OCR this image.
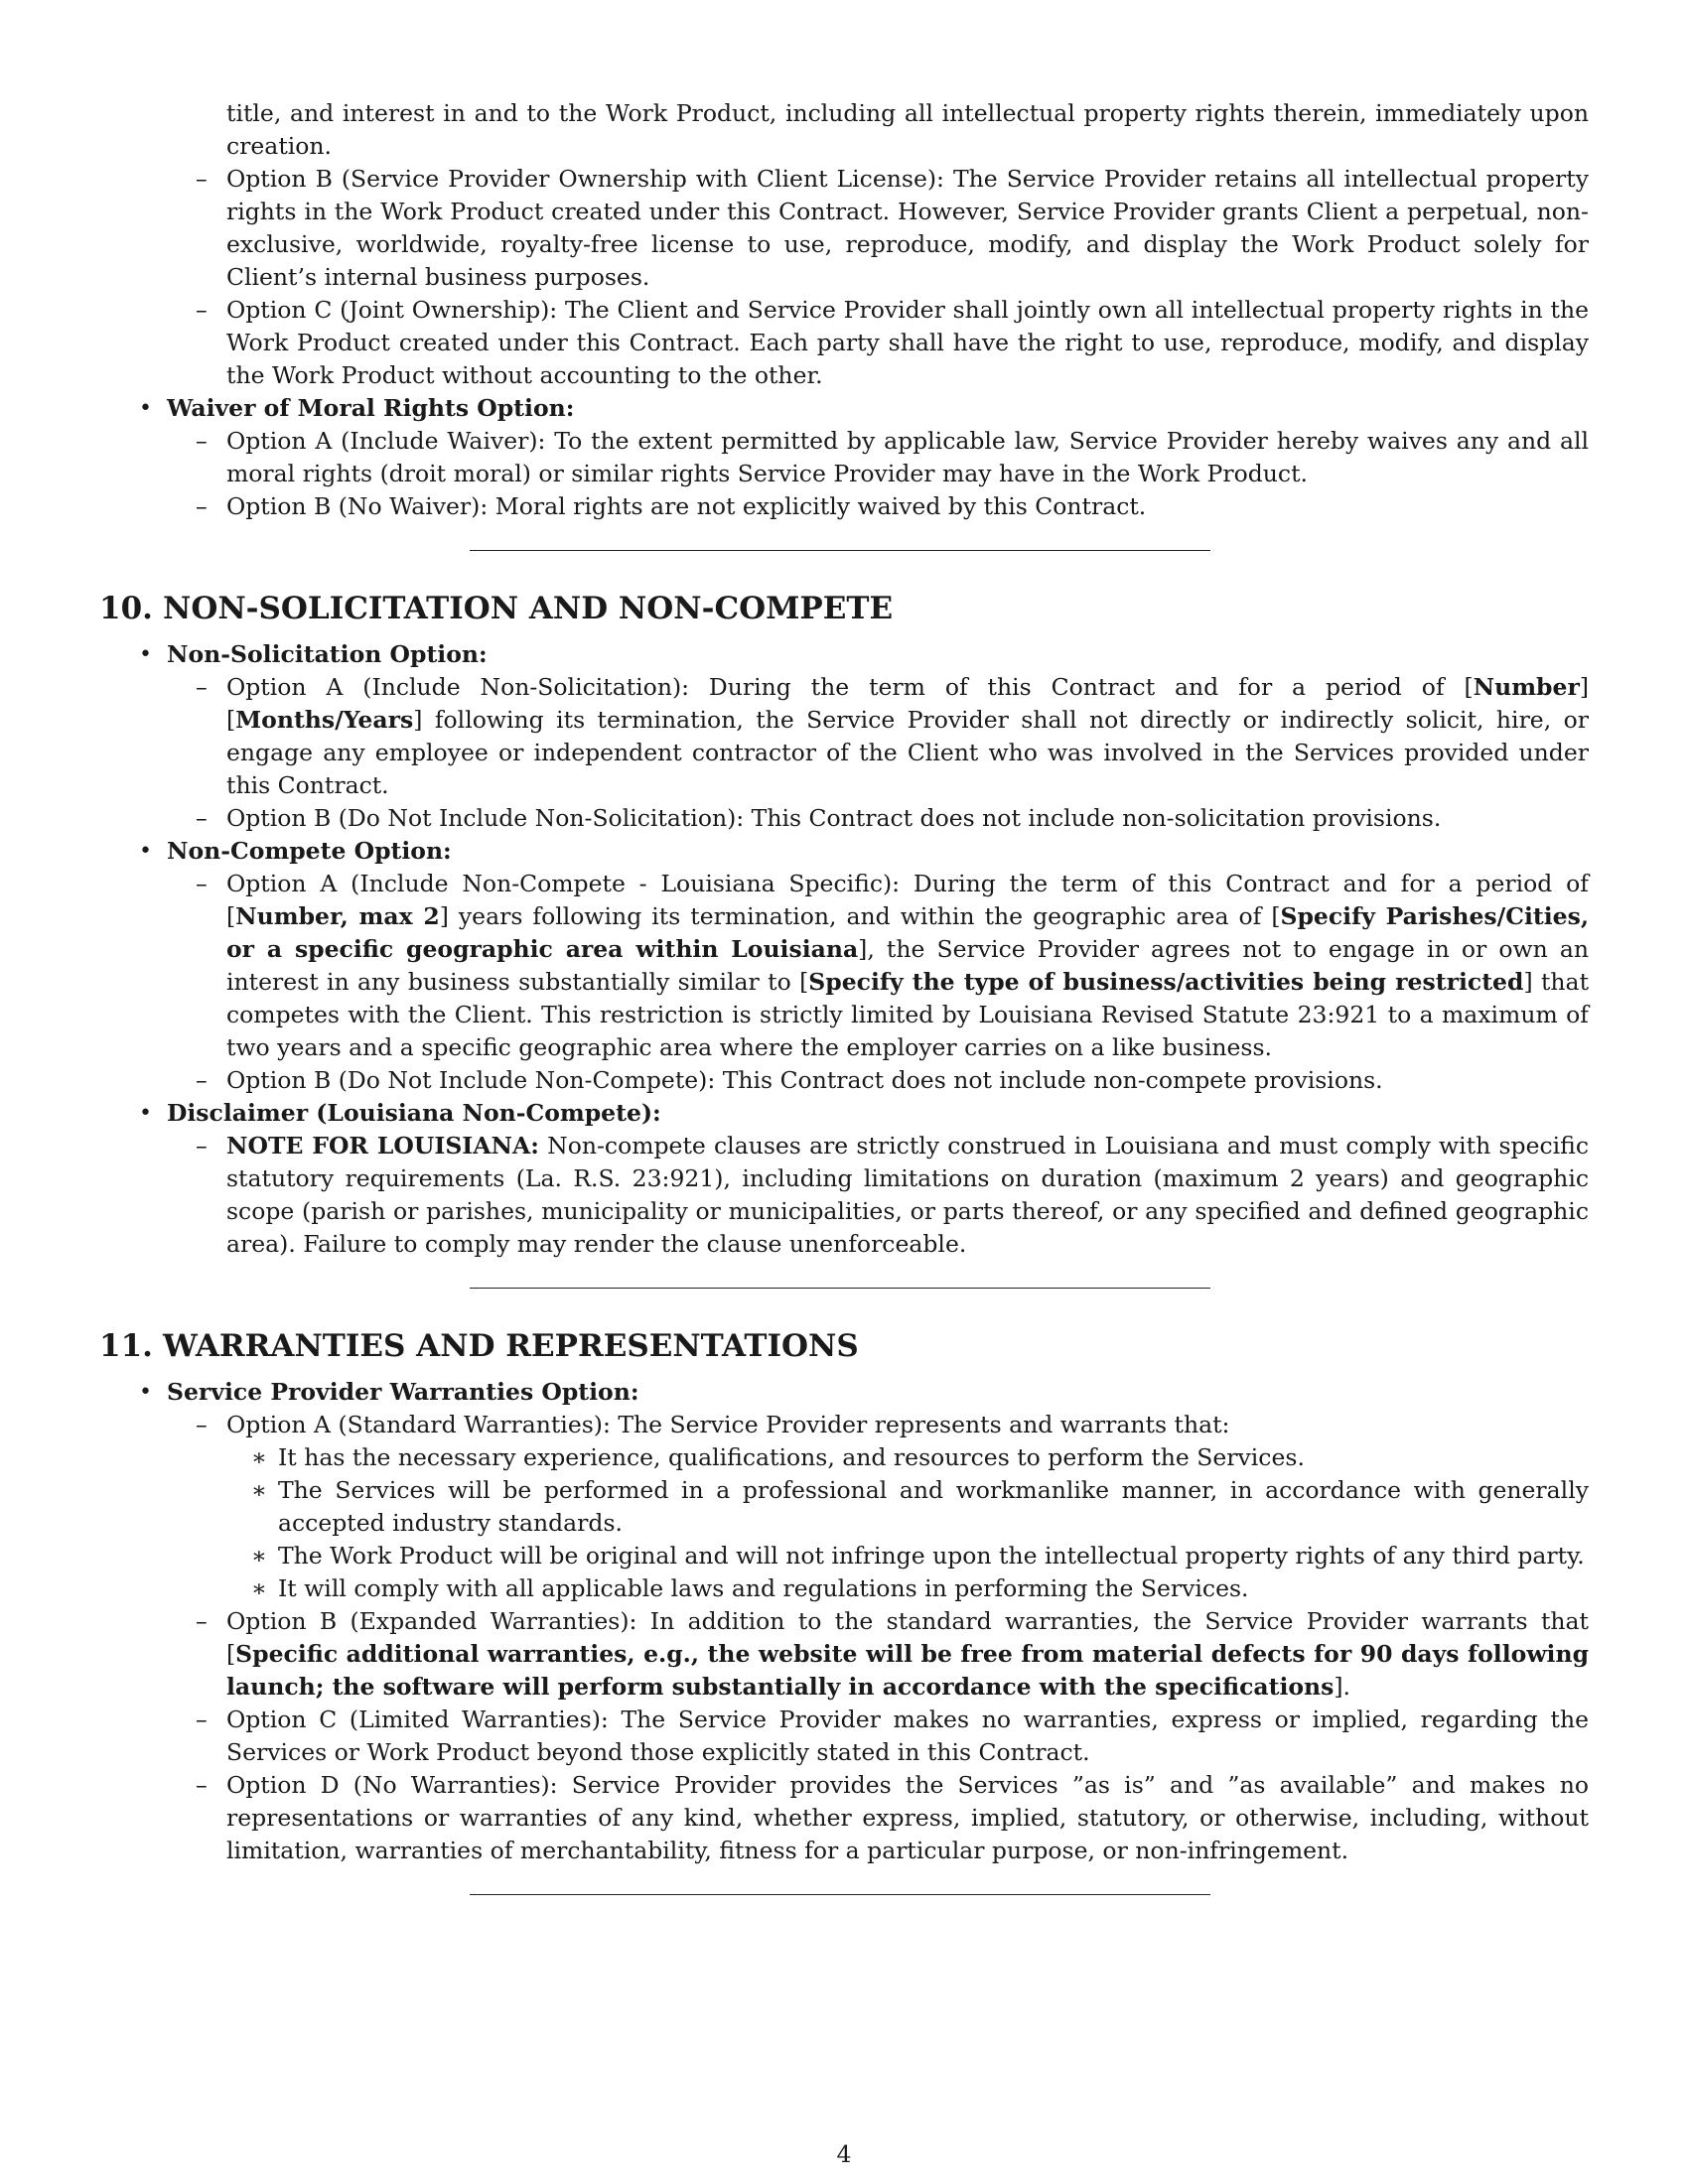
title, and interest in and to the Work Product, including all intellectual property rights therein, immediately upon creation.
– Option B (Service Provider Ownership with Client License): The Service Provider retains all intellectual property rights in the Work Product created under this Contract. However, Service Provider grants Client a perpetual, non-exclusive, worldwide, royalty-free license to use, reproduce, modify, and display the Work Product solely for Client’s internal business purposes.
– Option C (Joint Ownership): The Client and Service Provider shall jointly own all intellectual property rights in the Work Product created under this Contract. Each party shall have the right to use, reproduce, modify, and display the Work Product without accounting to the other.
• Waiver of Moral Rights Option:
– Option A (Include Waiver): To the extent permitted by applicable law, Service Provider hereby waives any and all moral rights (droit moral) or similar rights Service Provider may have in the Work Product.
– Option B (No Waiver): Moral rights are not explicitly waived by this Contract.
10. NON-SOLICITATION AND NON-COMPETE
• Non-Solicitation Option:
– Option A (Include Non-Solicitation): During the term of this Contract and for a period of [Number] [Months/Years] following its termination, the Service Provider shall not directly or indirectly solicit, hire, or engage any employee or independent contractor of the Client who was involved in the Services provided under this Contract.
– Option B (Do Not Include Non-Solicitation): This Contract does not include non-solicitation provisions.
• Non-Compete Option:
– Option A (Include Non-Compete - Louisiana Specific): During the term of this Contract and for a period of [Number, max 2] years following its termination, and within the geographic area of [Specify Parishes/Cities, or a specific geographic area within Louisiana], the Service Provider agrees not to engage in or own an interest in any business substantially similar to [Specify the type of business/activities being restricted] that competes with the Client. This restriction is strictly limited by Louisiana Revised Statute 23:921 to a maximum of two years and a specific geographic area where the employer carries on a like business.
– Option B (Do Not Include Non-Compete): This Contract does not include non-compete provisions.
• Disclaimer (Louisiana Non-Compete):
– NOTE FOR LOUISIANA: Non-compete clauses are strictly construed in Louisiana and must comply with specific statutory requirements (La. R.S. 23:921), including limitations on duration (maximum 2 years) and geographic scope (parish or parishes, municipality or municipalities, or parts thereof, or any specified and defined geographic area). Failure to comply may render the clause unenforceable.
11. WARRANTIES AND REPRESENTATIONS
• Service Provider Warranties Option:
– Option A (Standard Warranties): The Service Provider represents and warrants that:
∗ It has the necessary experience, qualifications, and resources to perform the Services.
∗ The Services will be performed in a professional and workmanlike manner, in accordance with generally accepted industry standards.
∗ The Work Product will be original and will not infringe upon the intellectual property rights of any third party.
∗ It will comply with all applicable laws and regulations in performing the Services.
– Option B (Expanded Warranties): In addition to the standard warranties, the Service Provider warrants that [Specific additional warranties, e.g., the website will be free from material defects for 90 days following launch; the software will perform substantially in accordance with the specifications].
– Option C (Limited Warranties): The Service Provider makes no warranties, express or implied, regarding the Services or Work Product beyond those explicitly stated in this Contract.
– Option D (No Warranties): Service Provider provides the Services ”as is” and ”as available” and makes no representations or warranties of any kind, whether express, implied, statutory, or otherwise, including, without limitation, warranties of merchantability, fitness for a particular purpose, or non-infringement.
4
